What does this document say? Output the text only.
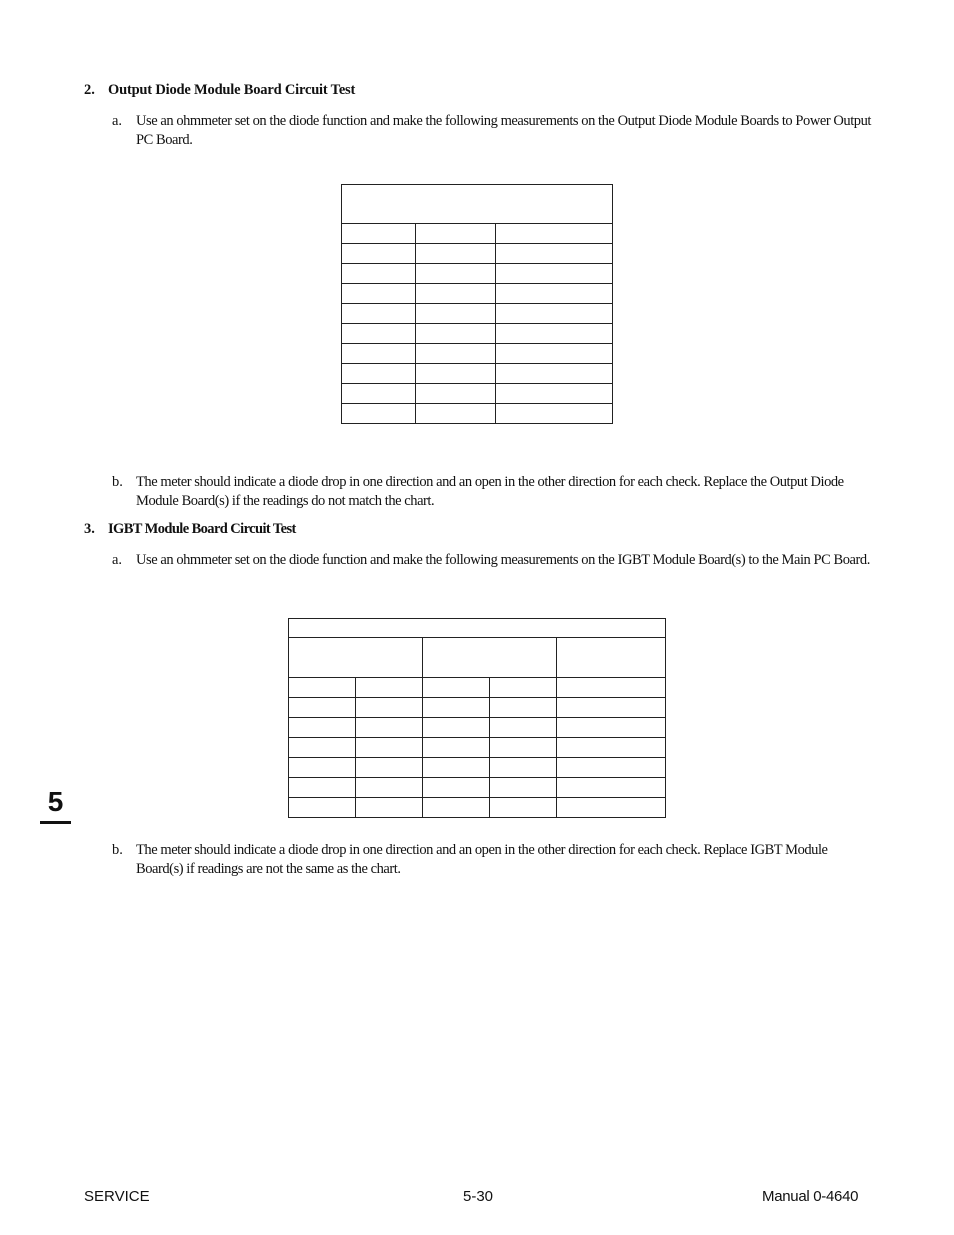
2. Output Diode Module Board Circuit Test
a. Use an ohmmeter set on the diode function and make the following measurements on the Output Diode Module Boards to Power Output PC Board.

b. The meter should indicate a diode drop in one direction and an open in the other direction for each check. Replace the Output Diode Module Board(s) if the readings do not match the chart.
3. IGBT Module Board Circuit Test
a. Use an ohmmeter set on the diode function and make the following measurements on the IGBT Module Board(s) to the Main PC Board.

5
b. The meter should indicate a diode drop in one direction and an open in the other direction for each check. Replace IGBT Module Board(s) if readings are not the same as the chart.
SERVICE	5-30	Manual 0-4640
